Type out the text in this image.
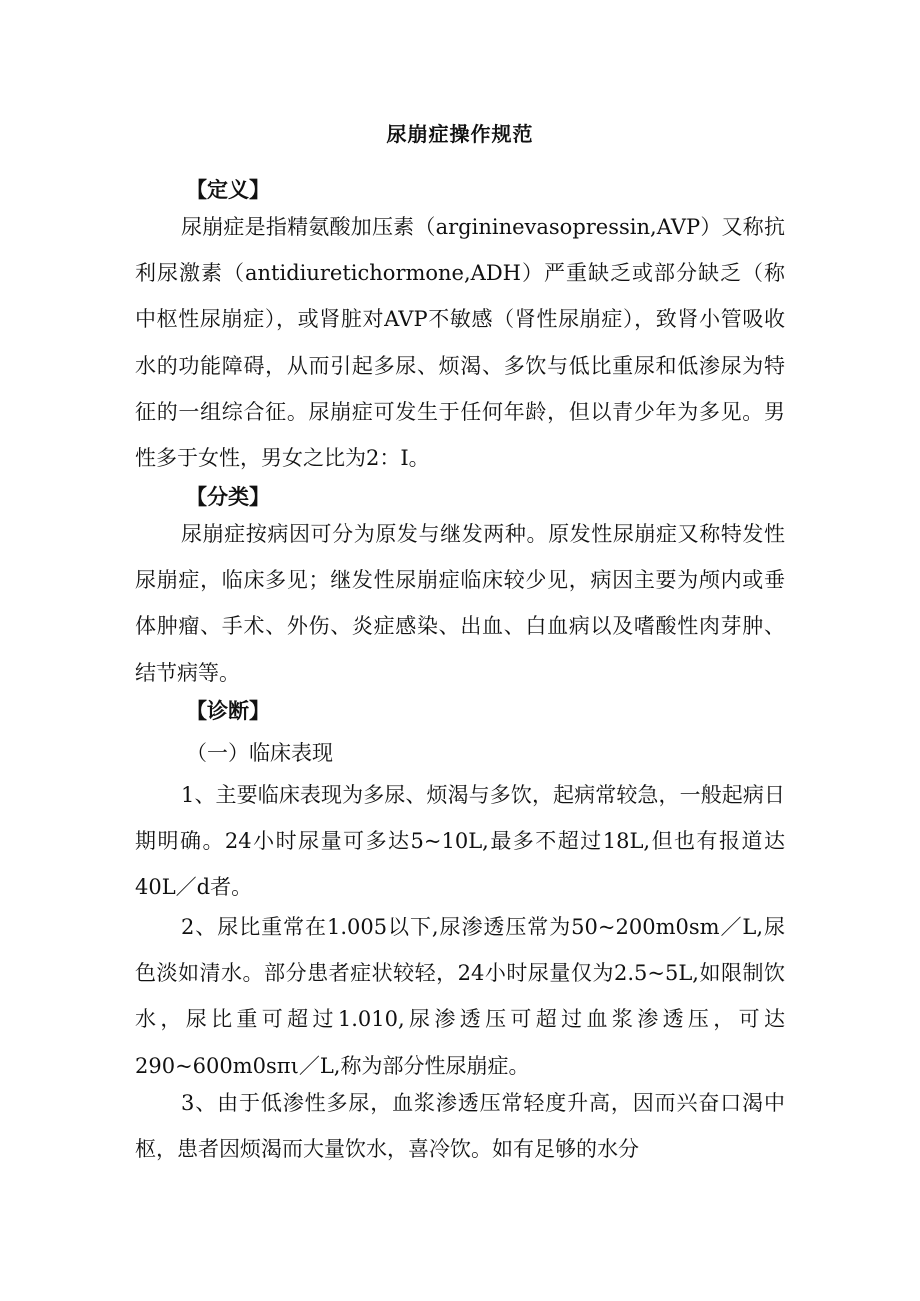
尿崩症操作规范
【定义】
尿崩症是指精氨酸加压素（argininevasopressin,AVP）又称抗利尿激素（antidiuretichormone,ADH）严重缺乏或部分缺乏（称中枢性尿崩症），或肾脏对AVP不敏感（肾性尿崩症），致肾小管吸收水的功能障碍，从而引起多尿、烦渴、多饮与低比重尿和低渗尿为特征的一组综合征。尿崩症可发生于任何年龄，但以青少年为多见。男性多于女性，男女之比为2：I。
【分类】
尿崩症按病因可分为原发与继发两种。原发性尿崩症又称特发性尿崩症，临床多见；继发性尿崩症临床较少见，病因主要为颅内或垂体肿瘤、手术、外伤、炎症感染、出血、白血病以及嗜酸性肉芽肿、结节病等。
【诊断】
（一）临床表现
1、主要临床表现为多尿、烦渴与多饮，起病常较急，一般起病日期明确。24小时尿量可多达5~10L,最多不超过18L,但也有报道达40L／d者。
2、尿比重常在1.005以下,尿渗透压常为50~200m0sm／L,尿色淡如清水。部分患者症状较轻，24小时尿量仅为2.5~5L,如限制饮水，尿比重可超过1.010,尿渗透压可超过血浆渗透压，可达290~600m0sπι／L,称为部分性尿崩症。
3、由于低渗性多尿，血浆渗透压常轻度升高，因而兴奋口渴中枢，患者因烦渴而大量饮水，喜冷饮。如有足够的水分
